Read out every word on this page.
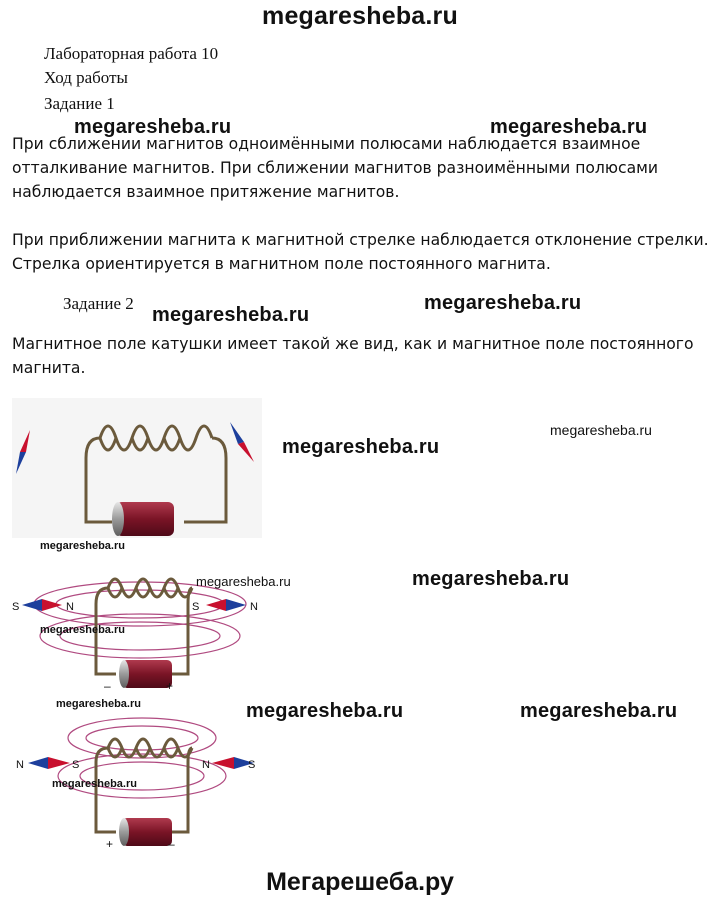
megaresheba.ru
Лабораторная работа 10
Ход работы
Задание 1
При сближении магнитов одноимёнными полюсами наблюдается взаимное
отталкивание магнитов. При сближении магнитов разноимёнными полюсами
наблюдается взаимное притяжение магнитов.
При приближении магнита к магнитной стрелке наблюдается отклонение стрелки.
Стрелка ориентируется в магнитном поле постоянного магнита.
Задание 2
Магнитное поле катушки имеет такой же вид, как и магнитное поле постоянного
магнита.
megaresheba.ru	megaresheba.ru
megaresheba.ru
megaresheba.ru
megaresheba.ru
megaresheba.ru
megaresheba.ru
megaresheba.ru	megaresheba.ru
S	N	S	N
–	+
N	S	N	S
+	–
megaresheba.ru
megaresheba.ru
megaresheba.ru
megaresheba.ru
megaresheba.ru
Мегарешеба.ру
